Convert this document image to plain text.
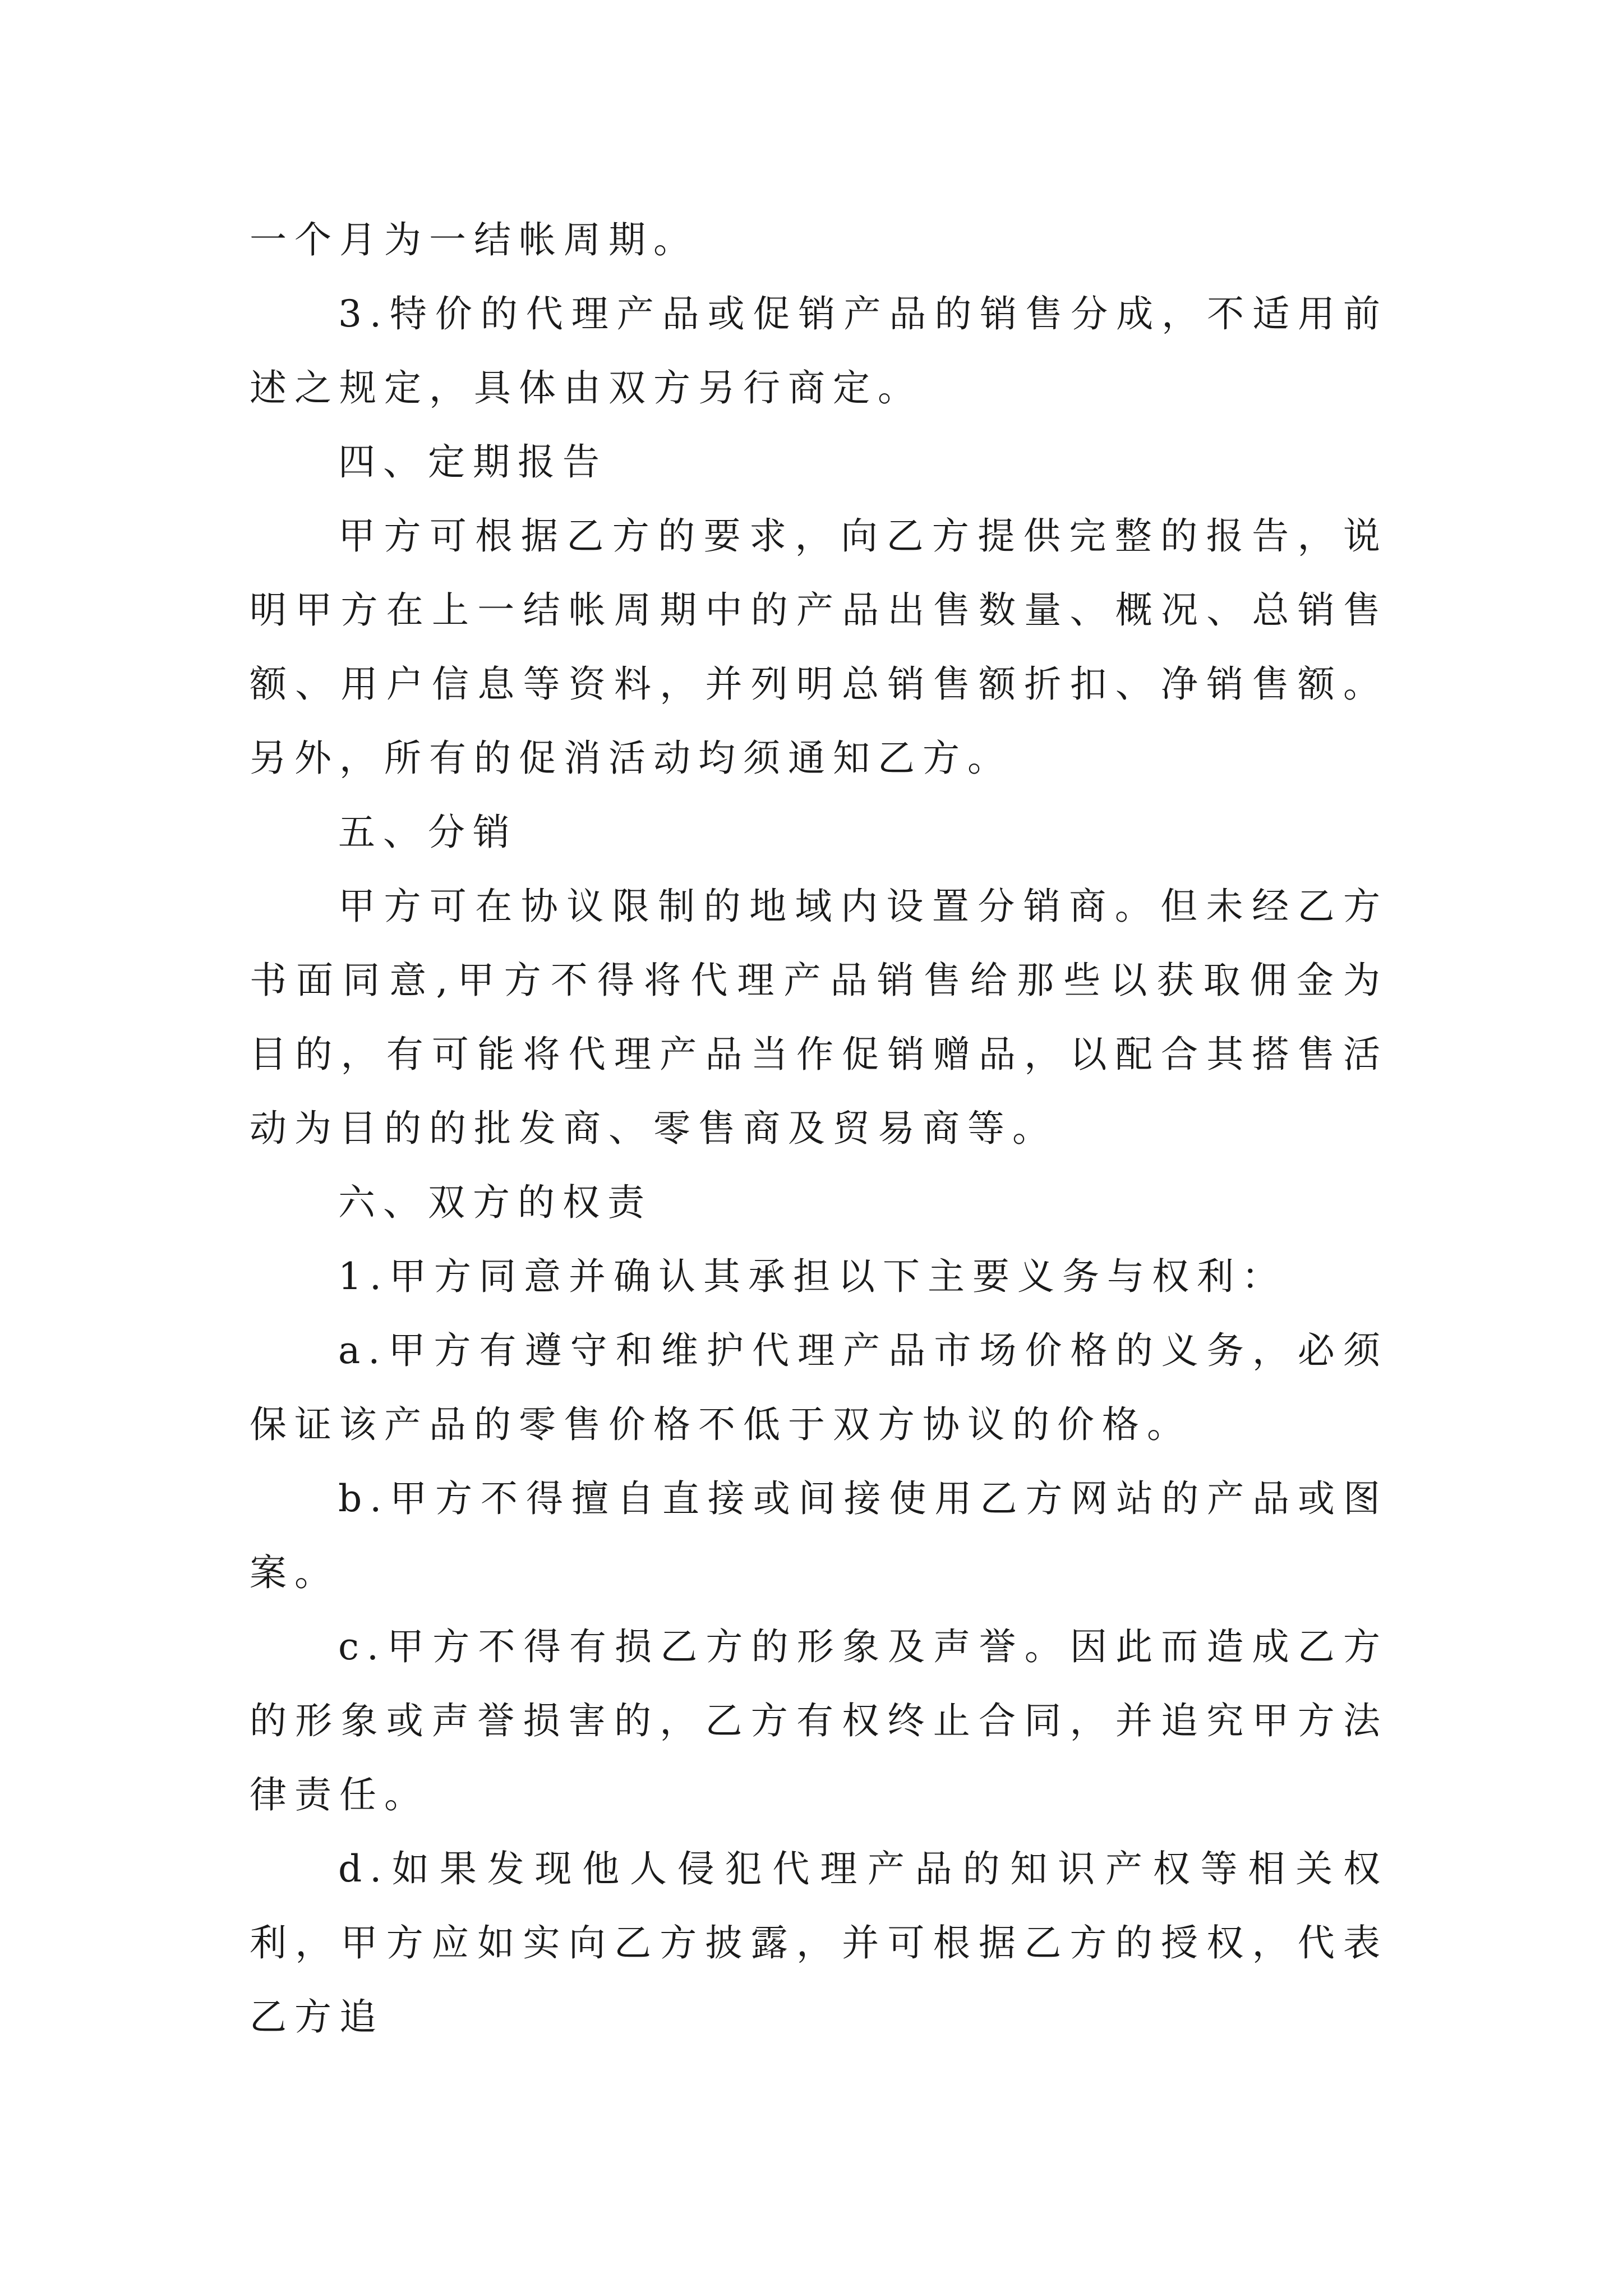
一个月为一结帐周期。

3.特价的代理产品或促销产品的销售分成，不适用前述之规定，具体由双方另行商定。

四、定期报告

甲方可根据乙方的要求，向乙方提供完整的报告，说明甲方在上一结帐周期中的产品出售数量、概况、总销售额、用户信息等资料，并列明总销售额折扣、净销售额。另外，所有的促消活动均须通知乙方。

五、分销

甲方可在协议限制的地域内设置分销商。但未经乙方书面同意,甲方不得将代理产品销售给那些以获取佣金为目的，有可能将代理产品当作促销赠品，以配合其搭售活动为目的的批发商、零售商及贸易商等。

六、双方的权责

1.甲方同意并确认其承担以下主要义务与权利：

a.甲方有遵守和维护代理产品市场价格的义务，必须保证该产品的零售价格不低于双方协议的价格。

b.甲方不得擅自直接或间接使用乙方网站的产品或图案。

c.甲方不得有损乙方的形象及声誉。因此而造成乙方的形象或声誉损害的，乙方有权终止合同，并追究甲方法律责任。

d.如果发现他人侵犯代理产品的知识产权等相关权利，甲方应如实向乙方披露，并可根据乙方的授权，代表乙方追
